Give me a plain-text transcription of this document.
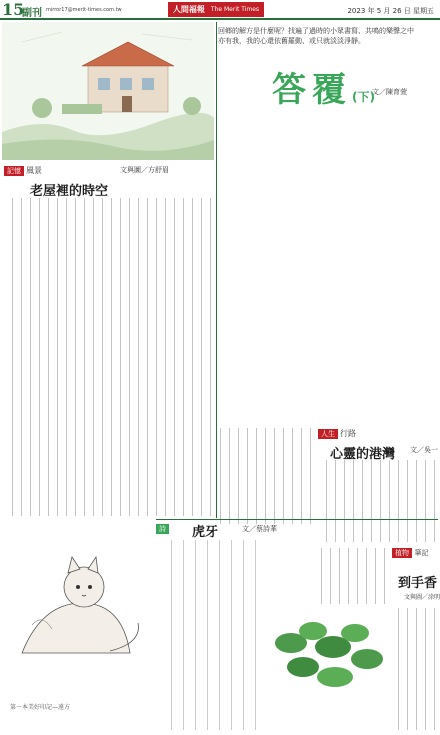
15
副刊 mirror17@merit-times.com.tw	人間福報 The Merit Times	2023 年 5 月 26 日 星期五
回鄉的解方是什麼呢？找遍了過時的小眾書寫、共鳴的樂聲之中亦有我，我的心還依舊羅動、或只就淡淡淨靜。
答覆(下)
文／陳育萱
記憶 風景	文與圖／方舒眉
老屋裡的時空
人生 行路
心靈的港灣 文／吳一
詩	虎牙	文／蔡詩華
第一本美好印記—遠方
植物 筆記
到手香
文與圖／涂明
